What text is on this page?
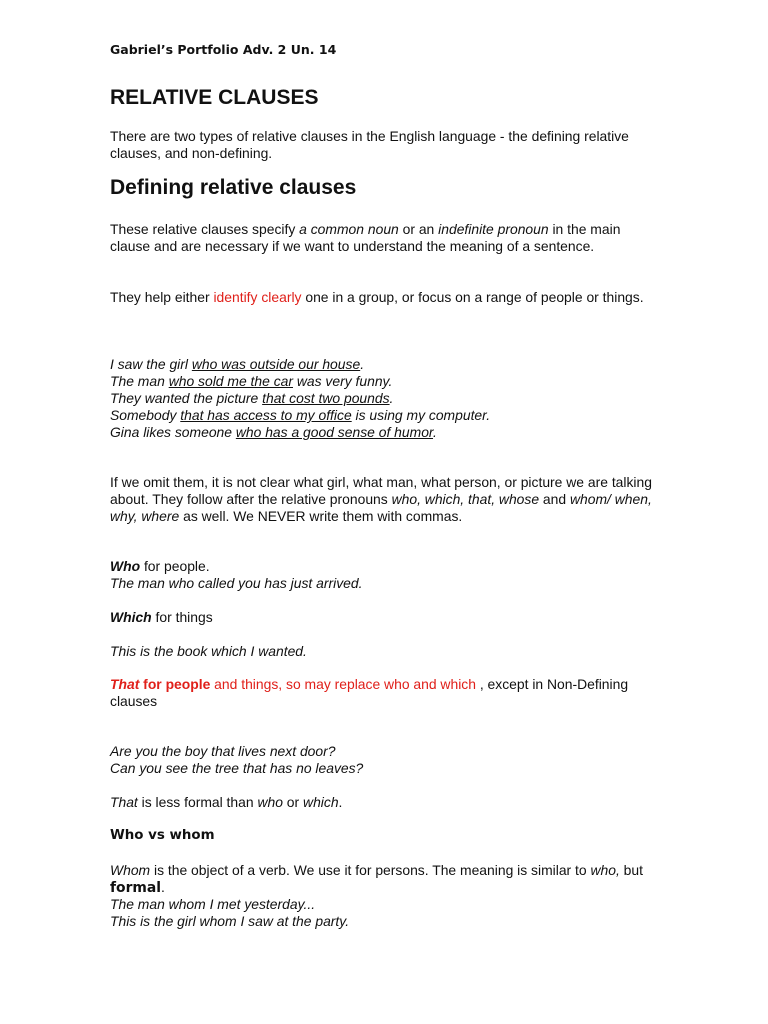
Gabriel’s Portfolio Adv. 2 Un. 14
RELATIVE CLAUSES

There are two types of relative clauses in the English language - the defining relative clauses, and non-defining.

Defining relative clauses

These relative clauses specify a common noun or an indefinite pronoun in the main clause and are necessary if we want to understand the meaning of a sentence.

They help either identify clearly one in a group, or focus on a range of people or things.

I saw the girl who was outside our house.
The man who sold me the car was very funny.
They wanted the picture that cost two pounds.
Somebody that has access to my office is using my computer.
Gina likes someone who has a good sense of humor.

If we omit them, it is not clear what girl, what man, what person, or picture we are talking about. They follow after the relative pronouns who, which, that, whose and whom/ when, why, where as well. We NEVER write them with commas.

Who for people.
The man who called you has just arrived.

Which for things

This is the book which I wanted.

That for people and things, so may replace who and which , except in Non-Defining clauses

Are you the boy that lives next door?
Can you see the tree that has no leaves?

That is less formal than who or which.

Who vs whom

Whom is the object of a verb. We use it for persons. The meaning is similar to who, but formal.

The man whom I met yesterday...
This is the girl whom I saw at the party.
